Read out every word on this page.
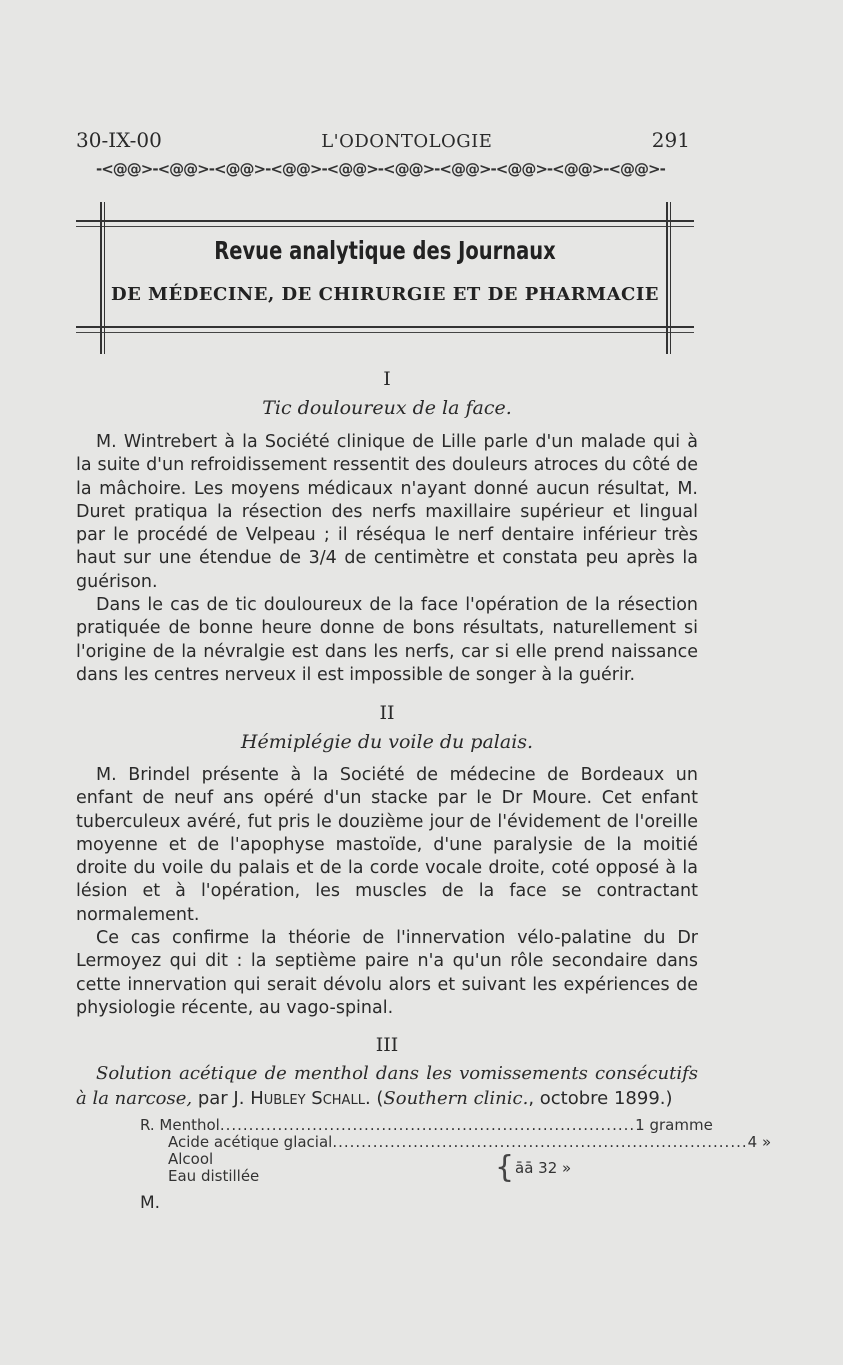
30-IX-00	L'ODONTOLOGIE	291
-<@@>-<@@>-<@@>-<@@>-<@@>-<@@>-<@@>-<@@>-<@@>-<@@>-
Revue analytique des Journaux
DE MÉDECINE, DE CHIRURGIE ET DE PHARMACIE
I
Tic douloureux de la face.

M. Wintrebert à la Société clinique de Lille parle d'un malade qui à la suite d'un refroidissement ressentit des douleurs atroces du côté de la mâchoire. Les moyens médicaux n'ayant donné aucun résultat, M. Duret pratiqua la résection des nerfs maxillaire supérieur et lingual par le procédé de Velpeau ; il réséqua le nerf dentaire inférieur très haut sur une étendue de 3/4 de centimètre et constata peu après la guérison.

Dans le cas de tic douloureux de la face l'opération de la résection pratiquée de bonne heure donne de bons résultats, naturellement si l'origine de la névralgie est dans les nerfs, car si elle prend naissance dans les centres nerveux il est impossible de songer à la guérir.

II
Hémiplégie du voile du palais.

M. Brindel présente à la Société de médecine de Bordeaux un enfant de neuf ans opéré d'un stacke par le Dr Moure. Cet enfant tuberculeux avéré, fut pris le douzième jour de l'évidement de l'oreille moyenne et de l'apophyse mastoïde, d'une paralysie de la moitié droite du voile du palais et de la corde vocale droite, coté opposé à la lésion et à l'opération, les muscles de la face se contractant normalement.

Ce cas confirme la théorie de l'innervation vélo-palatine du Dr Lermoyez qui dit : la septième paire n'a qu'un rôle secondaire dans cette innervation qui serait dévolu alors et suivant les expériences de physiologie récente, au vago-spinal.

III

Solution acétique de menthol dans les vomissements consécutifs à la narcose, par J. Hubley Schall. (Southern clinic., octobre 1899.)

R. Menthol ........................................................................ 1 gramme
Acide acétique glacial ........................................................................ 4 »
Alcool
Eau distillée	{ āā 32 »
M.
